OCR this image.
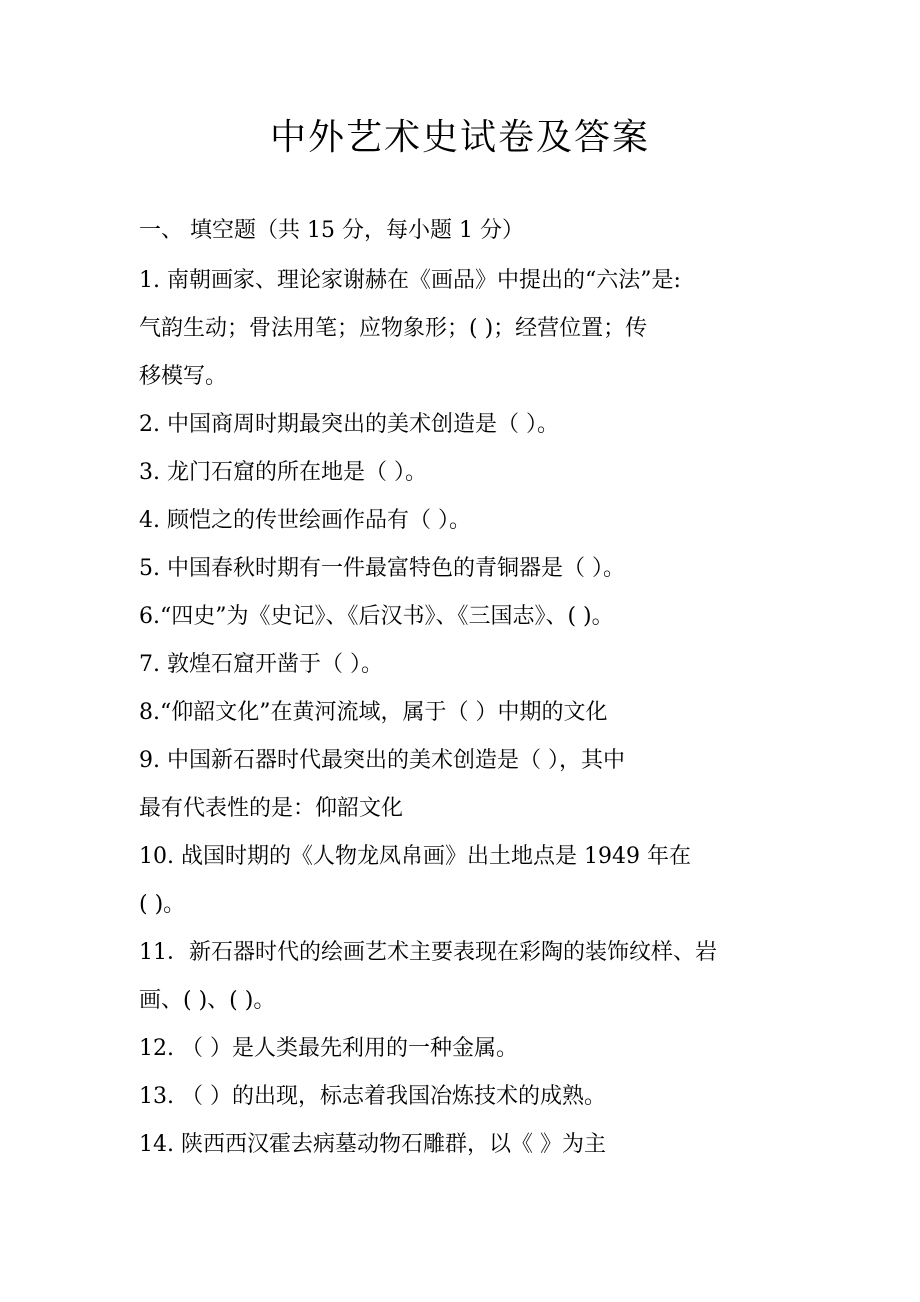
中外艺术史试卷及答案
一、 填空题（共 15 分，每小题 1 分）
1. 南朝画家、理论家谢赫在《画品》中提出的“六法”是:
气韵生动；骨法用笔；应物象形；( )；经营位置；传
移模写。
2. 中国商周时期最突出的美术创造是（ ）。
3. 龙门石窟的所在地是（ ）。
4. 顾恺之的传世绘画作品有（ ）。
5. 中国春秋时期有一件最富特色的青铜器是（ ）。
6.“四史”为《史记》、《后汉书》、《三国志》、( )。
7. 敦煌石窟开凿于（ ）。
8.“仰韶文化”在黄河流域，属于（ ）中期的文化
9. 中国新石器时代最突出的美术创造是（ ），其中
最有代表性的是：仰韶文化
10. 战国时期的《人物龙凤帛画》出土地点是 1949 年在
( )。
11．新石器时代的绘画艺术主要表现在彩陶的装饰纹样、岩
画、( )、( )。
12. （ ）是人类最先利用的一种金属。
13. （ ）的出现，标志着我国冶炼技术的成熟。
14. 陕西西汉霍去病墓动物石雕群，以《 》为主
